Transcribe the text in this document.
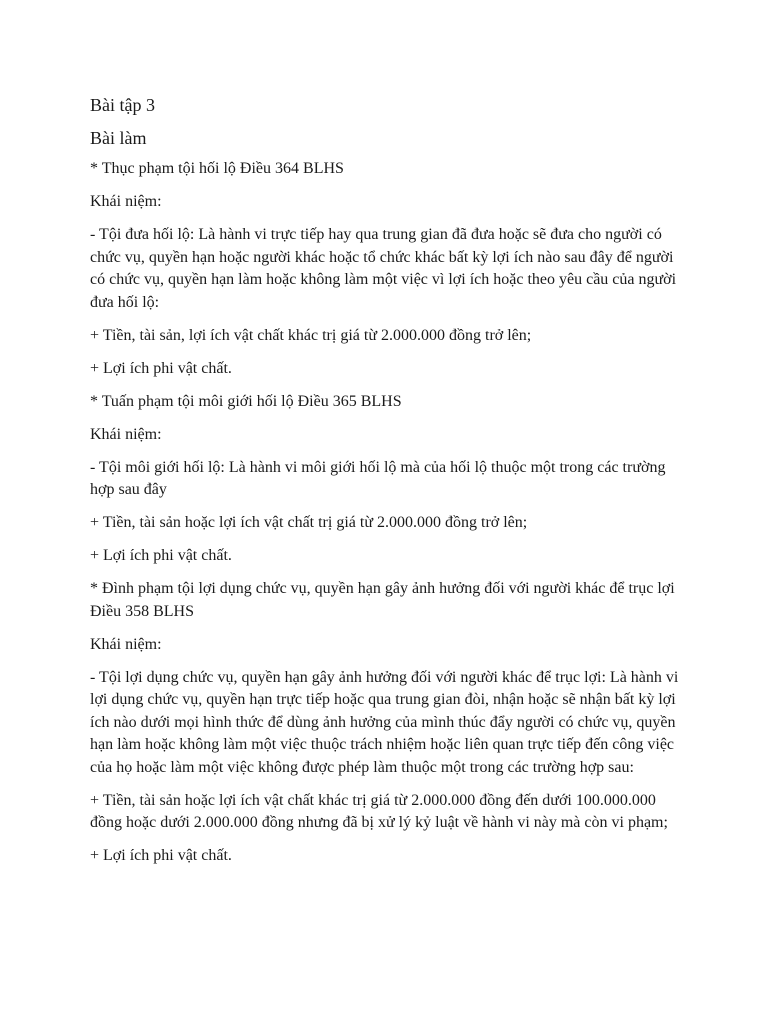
Bài tập 3
Bài làm

* Thục phạm tội hối lộ Điều 364 BLHS

Khái niệm:

- Tội đưa hối lộ: Là hành vi trực tiếp hay qua trung gian đã đưa hoặc sẽ đưa cho người có chức vụ, quyền hạn hoặc người khác hoặc tổ chức khác bất kỳ lợi ích nào sau đây để người có chức vụ, quyền hạn làm hoặc không làm một việc vì lợi ích hoặc theo yêu cầu của người đưa hối lộ:

+ Tiền, tài sản, lợi ích vật chất khác trị giá từ 2.000.000 đồng trở lên;

+ Lợi ích phi vật chất.

* Tuấn phạm tội môi giới hối lộ Điều 365 BLHS

Khái niệm:

- Tội môi giới hối lộ: Là hành vi môi giới hối lộ mà của hối lộ thuộc một trong các trường hợp sau đây

+ Tiền, tài sản hoặc lợi ích vật chất trị giá từ 2.000.000 đồng trở lên;

+ Lợi ích phi vật chất.

* Đình phạm tội lợi dụng chức vụ, quyền hạn gây ảnh hưởng đối với người khác để trục lợi Điều 358 BLHS

Khái niệm:

- Tội lợi dụng chức vụ, quyền hạn gây ảnh hưởng đối với người khác để trục lợi: Là hành vi lợi dụng chức vụ, quyền hạn trực tiếp hoặc qua trung gian đòi, nhận hoặc sẽ nhận bất kỳ lợi ích nào dưới mọi hình thức để dùng ảnh hưởng của mình thúc đẩy người có chức vụ, quyền hạn làm hoặc không làm một việc thuộc trách nhiệm hoặc liên quan trực tiếp đến công việc của họ hoặc làm một việc không được phép làm thuộc một trong các trường hợp sau:

+ Tiền, tài sản hoặc lợi ích vật chất khác trị giá từ 2.000.000 đồng đến dưới 100.000.000 đồng hoặc dưới 2.000.000 đồng nhưng đã bị xử lý kỷ luật về hành vi này mà còn vi phạm;

+ Lợi ích phi vật chất.
